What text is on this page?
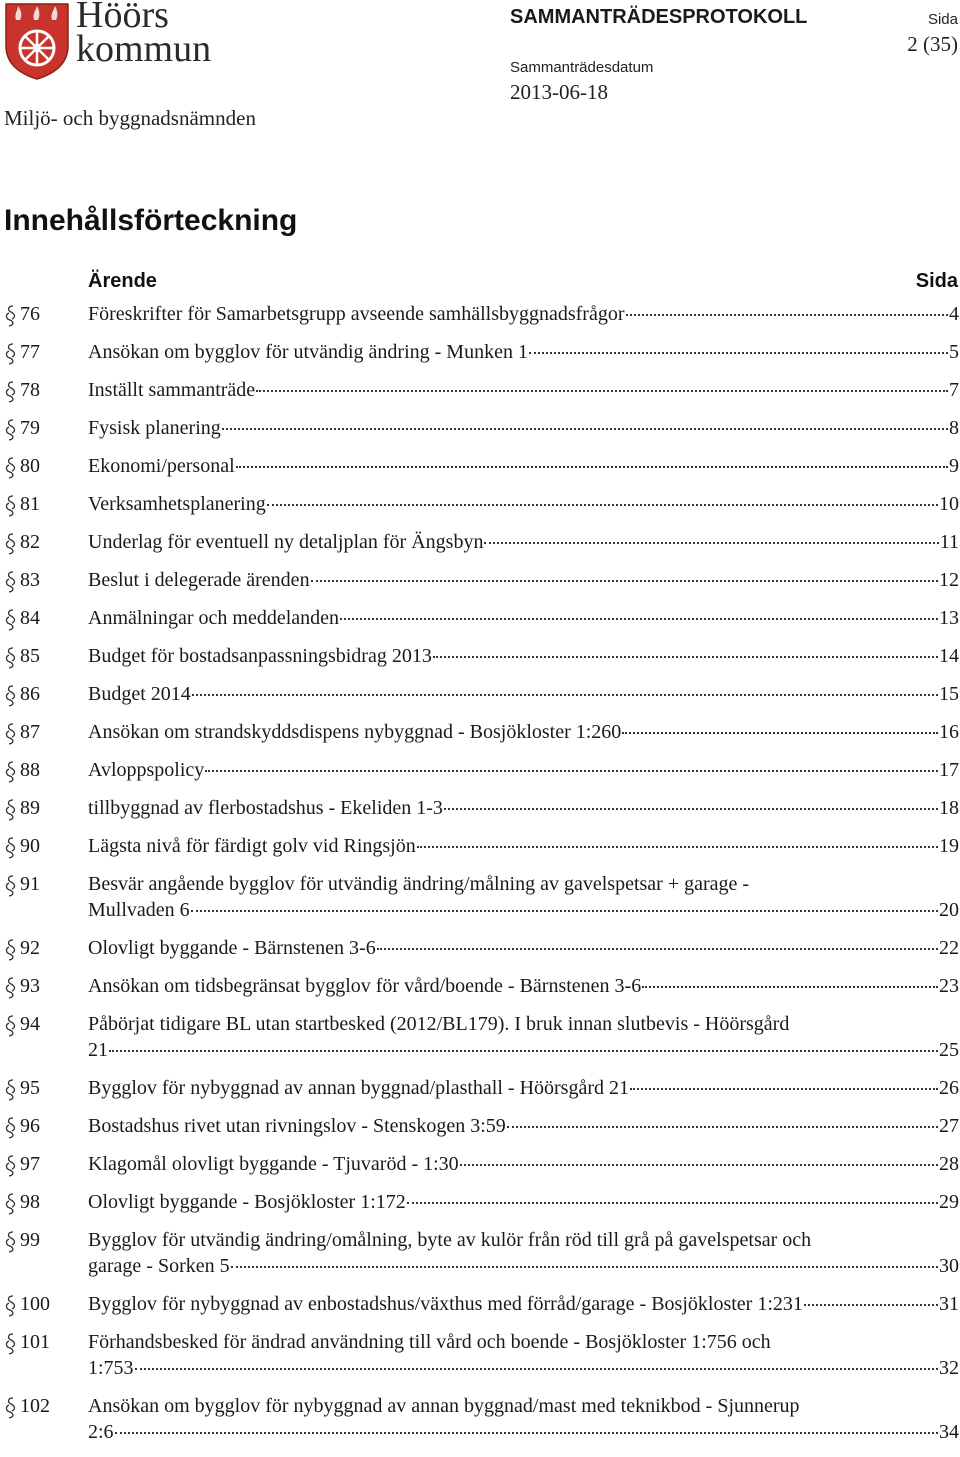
Höörs
kommun
Miljö- och byggnadsnämnden
SAMMANTRÄDESPROTOKOLL
Sammanträdesdatum
2013-06-18
Sida
2 (35)
Innehållsförteckning
Ärende	Sida
76 Föreskrifter för Samarbetsgrupp avseende samhällsbyggnadsfrågor	4
77 Ansökan om bygglov för utvändig ändring - Munken 1	5
78 Inställt sammanträde	7
79 Fysisk planering	8
80 Ekonomi/personal	9
81 Verksamhetsplanering	10
82 Underlag för eventuell ny detaljplan för Ängsbyn	11
83 Beslut i delegerade ärenden	12
84 Anmälningar och meddelanden	13
85 Budget för bostadsanpassningsbidrag 2013	14
86 Budget 2014	15
87 Ansökan om strandskyddsdispens nybyggnad - Bosjökloster 1:260	16
88 Avloppspolicy	17
89 tillbyggnad av flerbostadshus - Ekeliden 1-3	18
90 Lägsta nivå för färdigt golv vid Ringsjön	19
91 Besvär angående bygglov för utvändig ändring/målning av gavelspetsar + garage -
Mullvaden 6	20
92 Olovligt byggande - Bärnstenen 3-6	22
93 Ansökan om tidsbegränsat bygglov för vård/boende - Bärnstenen 3-6	23
94 Påbörjat tidigare BL utan startbesked (2012/BL179). I bruk innan slutbevis - Höörsgård
21	25
95 Bygglov för nybyggnad av annan byggnad/plasthall - Höörsgård 21	26
96 Bostadshus rivet utan rivningslov - Stenskogen 3:59	27
97 Klagomål olovligt byggande - Tjuvaröd - 1:30	28
98 Olovligt byggande - Bosjökloster 1:172	29
99 Bygglov för utvändig ändring/omålning, byte av kulör från röd till grå på gavelspetsar och
garage - Sorken 5	30
100 Bygglov för nybyggnad av enbostadshus/växthus med förråd/garage - Bosjökloster 1:231	31
101 Förhandsbesked för ändrad användning till vård och boende - Bosjökloster 1:756 och
1:753	32
102 Ansökan om bygglov för nybyggnad av annan byggnad/mast med teknikbod - Sjunnerup
2:6	34
